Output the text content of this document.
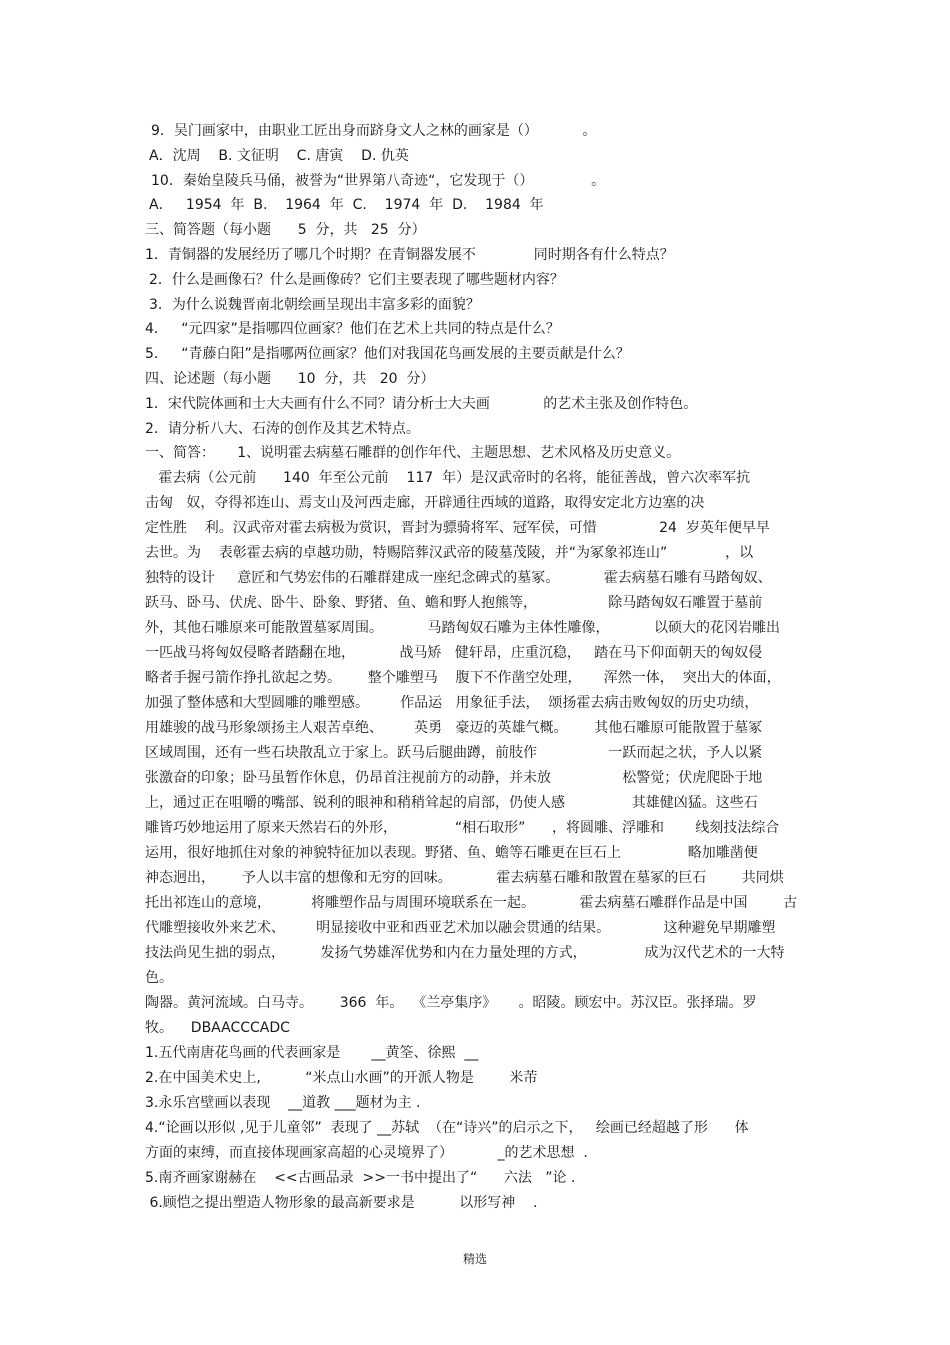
9．吴门画家中，由职业工匠出身而跻身文人之林的画家是（）          。
A．沈周    B. 文征明    C. 唐寅    D. 仇英
10．秦始皇陵兵马俑，被誉为“世界第八奇迹“，它发现于（）             。
A．   1954  年  B.    1964  年  C.    1974  年  D.    1984  年
三、简答题（每小题      5  分，共   25  分）
1．青铜器的发展经历了哪几个时期？在青铜器发展不             同时期各有什么特点？
2．什么是画像石？什么是画像砖？它们主要表现了哪些题材内容？
3．为什么说魏晋南北朝绘画呈现出丰富多彩的面貌？
4．   “元四家”是指哪四位画家？他们在艺术上共同的特点是什么？
5．   “青藤白阳”是指哪两位画家？他们对我国花鸟画发展的主要贡献是什么？
四、论述题（每小题      10  分，共   20  分）
1．宋代院体画和士大夫画有什么不同？请分析士大夫画            的艺术主张及创作特色。
2．请分析八大、石涛的创作及其艺术特点。
一、简答：     1、说明霍去病墓石雕群的创作年代、主题思想、艺术风格及历史意义。
霍去病（公元前      140  年至公元前    117  年）是汉武帝时的名将，能征善战，曾六次率军抗
击匈   奴，夺得祁连山、焉支山及河西走廊，开辟通往西域的道路，取得安定北方边塞的决
定性胜    利。汉武帝对霍去病极为赏识，晋封为骠骑将军、冠军侯，可惜              24  岁英年便早早
去世。为    表彰霍去病的卓越功勋，特赐陪葬汉武帝的陵墓茂陵，并“为冢象祁连山”             ，以
独特的设计     意匠和气势宏伟的石雕群建成一座纪念碑式的墓冢。          霍去病墓石雕有马踏匈奴、
跃马、卧马、伏虎、卧牛、卧象、野猪、鱼、蟾和野人抱熊等，                除马踏匈奴石雕置于墓前
外，其他石雕原来可能散置墓冢周围。          马踏匈奴石雕为主体性雕像，          以硕大的花冈岩雕出
一匹战马将匈奴侵略者踏翻在地，          战马矫   健轩昂，庄重沉稳，   踏在马下仰面朝天的匈奴侵
略者手握弓箭作挣扎欲起之势。      整个雕塑马    腹下不作凿空处理，     浑然一体，  突出大的体面，
加强了整体感和大型圆雕的雕塑感。       作品运   用象征手法，  颂扬霍去病击败匈奴的历史功绩，
用雄骏的战马形象颂扬主人艰苦卓绝、       英勇   豪迈的英雄气概。      其他石雕原可能散置于墓冢
区域周围，还有一些石块散乱立于家上。跃马后腿曲蹲，前肢作                一跃而起之状，予人以紧
张激奋的印象；卧马虽暂作休息，仍昂首注视前方的动静，并未放                松警觉；伏虎爬卧于地
上，通过正在咀嚼的嘴部、锐利的眼神和稍稍耸起的肩部，仍使人感               其雄健凶猛。这些石
雕皆巧妙地运用了原来天然岩石的外形，             “相石取形”      ，将圆雕、浮雕和       线刻技法综合
运用，很好地抓住对象的神貌特征加以表现。野猪、鱼、蟾等石雕更在巨石上               略加雕凿便
神态迥出，      予人以丰富的想像和无穷的回味。          霍去病墓石雕和散置在墓冢的巨石        共同烘
托出祁连山的意境，         将雕塑作品与周围环境联系在一起。          霍去病墓石雕群作品是中国        古
代雕塑接收外来艺术、       明显接收中亚和西亚艺术加以融会贯通的结果。            这种避免早期雕塑
技法尚见生拙的弱点，        发扬气势雄浑优势和内在力量处理的方式，             成为汉代艺术的一大特
色。
陶器。黄河流域。白马寺。      366  年。  《兰亭集序》     。昭陵。顾宏中。苏汉臣。张择瑞。罗
牧。    DBAACCCADC
1.五代南唐花鸟画的代表画家是       __黄筌、徐熙  __
2.在中国美术史上,          “米点山水画”的开派人物是        米芾
3.永乐宫壁画以表现    __道教 ___题材为主 .
4.“论画以形似 ,见于儿童邻”  表现了 __苏轼  （在“诗兴”的启示之下，   绘画已经超越了形      体
方面的束缚，而直接体现画家高超的心灵境界了）          _的艺术思想  .
5.南齐画家谢赫在    <<古画品录  >>一书中提出了“      六法   ”论 .
6.顾恺之提出塑造人物形象的最高新要求是          以形写神    .
精选
